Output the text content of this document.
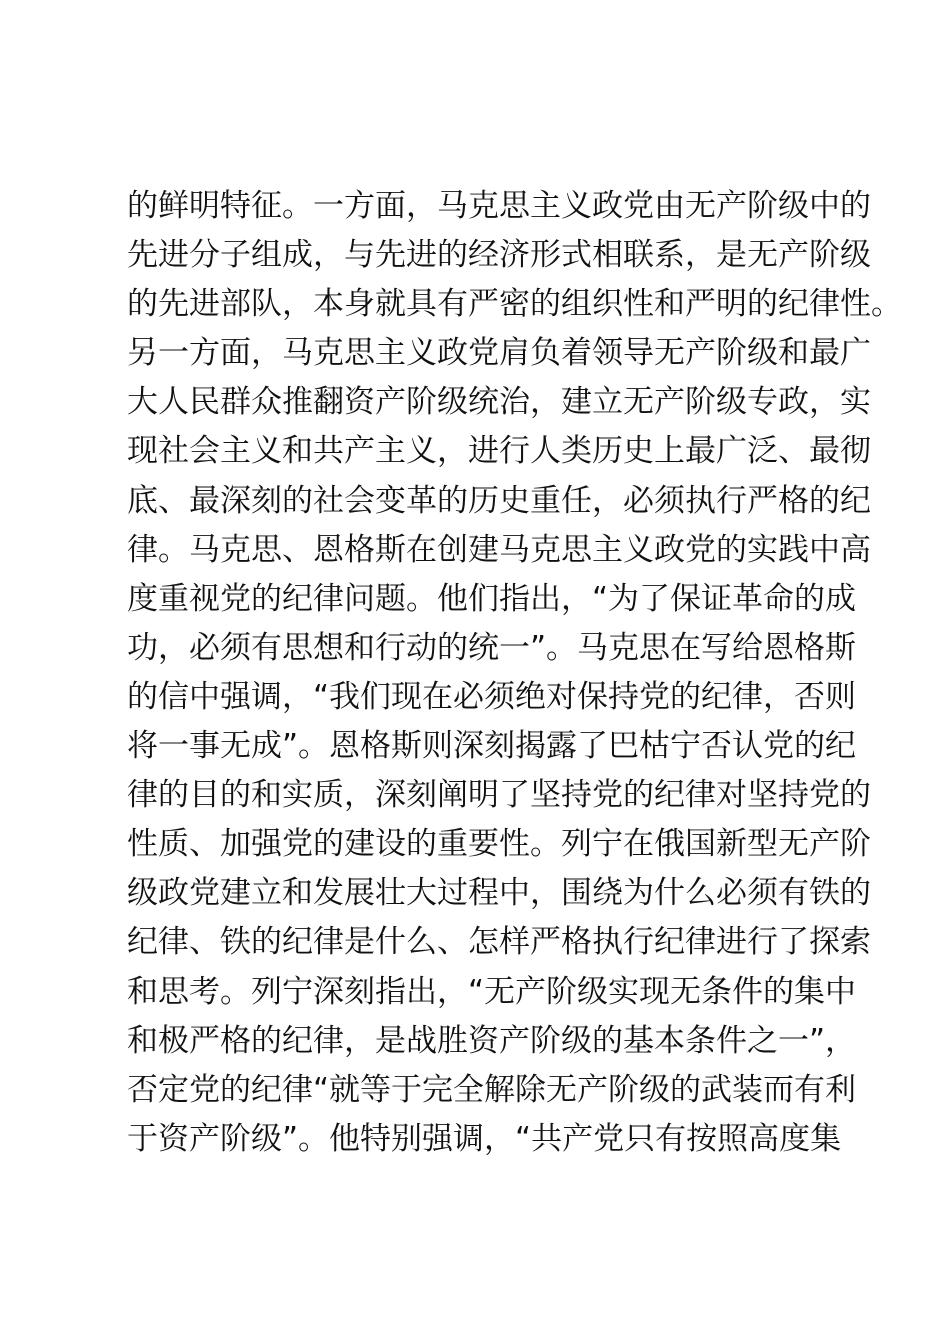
的鲜明特征。一方面，马克思主义政党由无产阶级中的
先进分子组成，与先进的经济形式相联系，是无产阶级
的先进部队，本身就具有严密的组织性和严明的纪律性。
另一方面，马克思主义政党肩负着领导无产阶级和最广
大人民群众推翻资产阶级统治，建立无产阶级专政，实
现社会主义和共产主义，进行人类历史上最广泛、最彻
底、最深刻的社会变革的历史重任，必须执行严格的纪
律。马克思、恩格斯在创建马克思主义政党的实践中高
度重视党的纪律问题。他们指出，“为了保证革命的成
功，必须有思想和行动的统一”。马克思在写给恩格斯
的信中强调，“我们现在必须绝对保持党的纪律，否则
将一事无成”。恩格斯则深刻揭露了巴枯宁否认党的纪
律的目的和实质，深刻阐明了坚持党的纪律对坚持党的
性质、加强党的建设的重要性。列宁在俄国新型无产阶
级政党建立和发展壮大过程中，围绕为什么必须有铁的
纪律、铁的纪律是什么、怎样严格执行纪律进行了探索
和思考。列宁深刻指出，“无产阶级实现无条件的集中
和极严格的纪律，是战胜资产阶级的基本条件之一”，
否定党的纪律“就等于完全解除无产阶级的武装而有利
于资产阶级”。他特别强调，“共产党只有按照高度集
